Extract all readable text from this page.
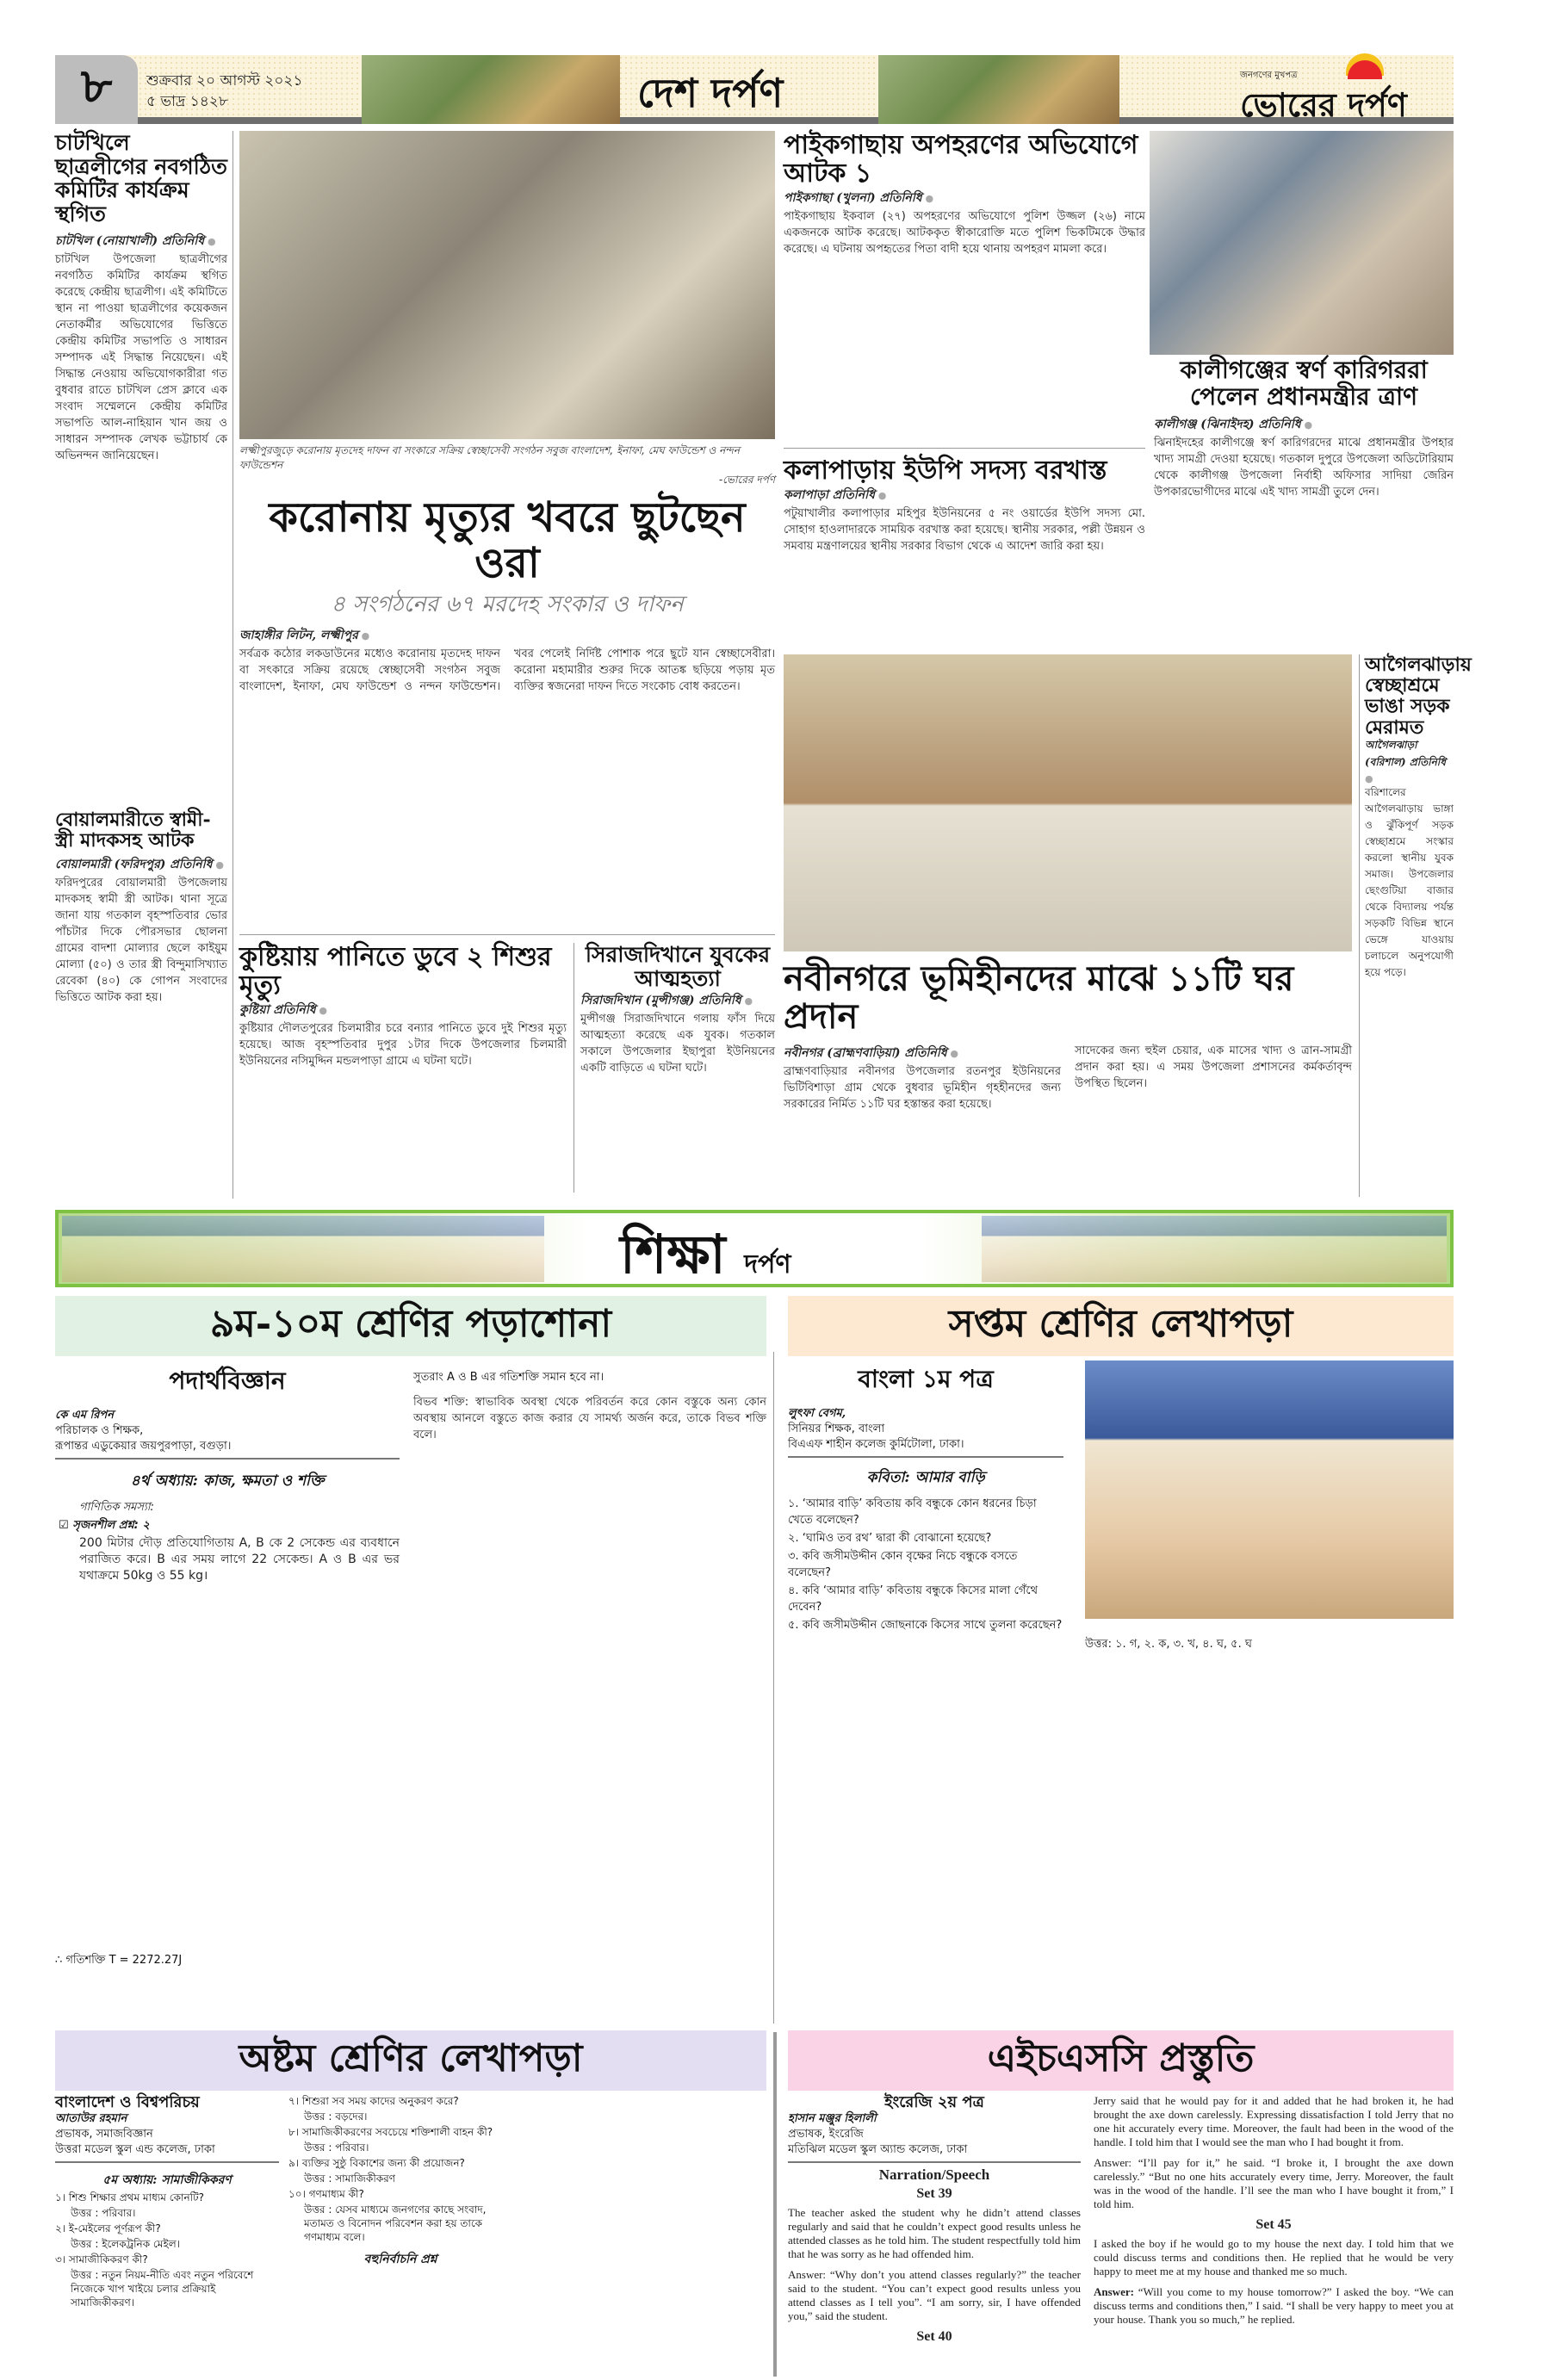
৮	শুক্রবার ২০ আগস্ট ২০২১
৫ ভাদ্র ১৪২৮	দেশ দর্পণ	জনগণের মুখপত্র
ভোরের দর্পণ
চাটখিলে ছাত্রলীগের নবগঠিত কমিটির কার্যক্রম স্থগিত
চাটখিল (নোয়াখালী) প্রতিনিধি ●
চাটখিল উপজেলা ছাত্রলীগের নবগঠিত কমিটির কার্যক্রম স্থগিত করেছে কেন্দ্রীয় ছাত্রলীগ। এই কমিটিতে স্থান না পাওয়া ছাত্রলীগের কয়েকজন নেতাকর্মীর অভিযোগের ভিত্তিতে কেন্দ্রীয় কমিটির সভাপতি ও সাধারন সম্পাদক এই সিদ্ধান্ত নিয়েছেন। এই সিদ্ধান্ত নেওয়ায় অভিযোগকারীরা গত বুধবার রাতে চাটখিল প্রেস ক্লাবে এক সংবাদ সম্মেলনে কেন্দ্রীয় কমিটির সভাপতি আল-নাহিয়ান খান জয় ও সাধারন সম্পাদক লেখক ভট্টাচার্য কে অভিনন্দন জানিয়েছেন।
বোয়ালমারীতে স্বামী-স্ত্রী মাদকসহ আটক
বোয়ালমারী (ফরিদপুর) প্রতিনিধি ●
ফরিদপুরের বোয়ালমারী উপজেলায় মাদকসহ স্বামী স্ত্রী আটক। থানা সূত্রে জানা যায় গতকাল বৃহস্পতিবার ভোর পাঁচটার দিকে পৌরসভার ছোলনা গ্রামের বাদশা মোল্যার ছেলে কাইয়ুম মোল্যা (৫০) ও তার স্ত্রী বিন্দুমাসিখ্যাত রেবেকা (৪০) কে গোপন সংবাদের ভিত্তিতে আটক করা হয়।
লক্ষ্মীপুরজুড়ে করোনায় মৃতদেহ দাফন বা সংকারে সক্রিয় স্বেচ্ছাসেবী সংগঠন সবুজ বাংলাদেশ, ইনাফা, মেঘ ফাউন্ডেশ ও নন্দন ফাউন্ডেশন
-ভোরের দর্পণ
করোনায় মৃত্যুর খবরে ছুটছেন ওরা
৪ সংগঠনের ৬৭ মরদেহ সংকার ও দাফন
জাহাঙ্গীর লিটন, লক্ষ্মীপুর ●
সর্বত্রক কঠোর লকডাউনের মধ্যেও করোনায় মৃতদেহ দাফন বা সৎকারে সক্রিয় রয়েছে স্বেচ্ছাসেবী সংগঠন সবুজ বাংলাদেশ, ইনাফা, মেঘ ফাউন্ডেশ ও নন্দন ফাউন্ডেশন। খবর পেলেই নির্দিষ্ট পোশাক পরে ছুটে যান স্বেচ্ছাসেবীরা। করোনা মহামারীর শুরুর দিকে আতঙ্ক ছড়িয়ে পড়ায় মৃত ব্যক্তির স্বজনেরা দাফন দিতে সংকোচ বোধ করতেন।
কুষ্টিয়ায় পানিতে ডুবে ২ শিশুর মৃত্যু
কুষ্টিয়া প্রতিনিধি ●
কুষ্টিয়ার দৌলতপুরের চিলমারীর চরে বন্যার পানিতে ডুবে দুই শিশুর মৃত্যু হয়েছে। আজ বৃহস্পতিবার দুপুর ১টার দিকে উপজেলার চিলমারী ইউনিয়নের নসিমুদ্দিন মন্ডলপাড়া গ্রামে এ ঘটনা ঘটে।
সিরাজদিখানে যুবকের আত্মহত্যা
সিরাজদিখান (মুন্সীগঞ্জ) প্রতিনিধি ●
মুন্সীগঞ্জ সিরাজদিখানে গলায় ফাঁস দিয়ে আত্মহত্যা করেছে এক যুবক। গতকাল সকালে উপজেলার ইছাপুরা ইউনিয়নের একটি বাড়িতে এ ঘটনা ঘটে।
পাইকগাছায় অপহরণের অভিযোগে আটক ১
পাইকগাছা (খুলনা) প্রতিনিধি ●
পাইকগাছায় ইকবাল (২৭) অপহরণের অভিযোগে পুলিশ উজ্জল (২৬) নামে একজনকে আটক করেছে। আটককৃত স্বীকারোক্তি মতে পুলিশ ভিকটিমকে উদ্ধার করেছে। এ ঘটনায় অপহৃতের পিতা বাদী হয়ে থানায় অপহরণ মামলা করে।
কলাপাড়ায় ইউপি সদস্য বরখাস্ত
কলাপাড়া প্রতিনিধি ●
পটুয়াখালীর কলাপাড়ার মহিপুর ইউনিয়নের ৫ নং ওয়ার্ডের ইউপি সদস্য মো. সোহাগ হাওলাদারকে সাময়িক বরখাস্ত করা হয়েছে। স্থানীয় সরকার, পল্লী উন্নয়ন ও সমবায় মন্ত্রণালয়ের স্থানীয় সরকার বিভাগ থেকে এ আদেশ জারি করা হয়।
কালীগঞ্জের স্বর্ণ কারিগররা পেলেন প্রধানমন্ত্রীর ত্রাণ
কালীগঞ্জ (ঝিনাইদহ) প্রতিনিধি ●
ঝিনাইদহের কালীগঞ্জে স্বর্ণ কারিগরদের মাঝে প্রধানমন্ত্রীর উপহার খাদ্য সামগ্রী দেওয়া হয়েছে। গতকাল দুপুরে উপজেলা অডিটোরিয়াম থেকে কালীগঞ্জ উপজেলা নির্বাহী অফিসার সাদিয়া জেরিন উপকারভোগীদের মাঝে এই খাদ্য সামগ্রী তুলে দেন।
আগৈলঝাড়ায় স্বেচ্ছাশ্রমে ভাঙা সড়ক মেরামত
আগৈলঝাড়া (বরিশাল) প্রতিনিধি ●
বরিশালের আগৈলঝাড়ায় ভাঙ্গা ও ঝুঁকিপূর্ণ সড়ক স্বেচ্ছাশ্রমে সংস্কার করলো স্থানীয় যুবক সমাজ। উপজেলার ছেংগুটিয়া বাজার থেকে বিদ্যালয় পর্যন্ত সড়কটি বিভিন্ন স্থানে ভেঙ্গে যাওয়ায় চলাচলে অনুপযোগী হয়ে পড়ে।
নবীনগরে ভূমিহীনদের মাঝে ১১টি ঘর প্রদান
নবীনগর (ব্রাহ্মণবাড়িয়া) প্রতিনিধি ●
ব্রাহ্মণবাড়িয়ার নবীনগর উপজেলার রতনপুর ইউনিয়নের ভিটিবিশাড়া গ্রাম থেকে বুধবার ভূমিহীন গৃহহীনদের জন্য সরকারের নির্মিত ১১টি ঘর হস্তান্তর করা হয়েছে।
সাদেকের জন্য হুইল চেয়ার, এক মাসের খাদ্য ও ত্রান-সামগ্রী প্রদান করা হয়। এ সময় উপজেলা প্রশাসনের কর্মকর্তাবৃন্দ উপস্থিত ছিলেন।
শিক্ষা দর্পণ
৯ম-১০ম শ্রেণির পড়াশোনা
পদার্থবিজ্ঞান
কে এম রিপন
পরিচালক ও শিক্ষক,
রূপান্তর এডুকেয়ার জয়পুরপাড়া, বগুড়া।
৪র্থ অধ্যায়: কাজ, ক্ষমতা ও শক্তি
গাণিতিক সমস্যা:
☑ সৃজনশীল প্রশ্ন: ২
200 মিটার দৌড় প্রতিযোগিতায় A, B কে 2 সেকেন্ড এর ব্যবধানে পরাজিত করে। B এর সময় লাগে 22 সেকেন্ড। A ও B এর ভর যথাক্রমে 50kg ও 55 kg।
∴ গতিশক্তি T = 2272.27J
সুতরাং A ও B এর গতিশক্তি সমান হবে না।
বিভব শক্তি: স্বাভাবিক অবস্থা থেকে পরিবর্তন করে কোন বস্তুকে অন্য কোন অবস্থায় আনলে বস্তুতে কাজ করার যে সামর্থ্য অর্জন করে, তাকে বিভব শক্তি বলে।
সপ্তম শ্রেণির লেখাপড়া
বাংলা ১ম পত্র
লুৎফা বেগম,
সিনিয়র শিক্ষক, বাংলা
বিএএফ শাহীন কলেজ কুর্মিটোলা, ঢাকা।
কবিতা: আমার বাড়ি
১. ‘আমার বাড়ি’ কবিতায় কবি বন্ধুকে কোন ধরনের চিড়া খেতে বলেছেন?
২. ‘ঘামিও তব রথ’ দ্বারা কী বোঝানো হয়েছে?
৩. কবি জসীমউদ্দীন কোন বৃক্ষের নিচে বন্ধুকে বসতে বলেছেন?
৪. কবি ‘আমার বাড়ি’ কবিতায় বন্ধুকে কিসের মালা গেঁথে দেবেন?
৫. কবি জসীমউদ্দীন জোছনাকে কিসের সাথে তুলনা করেছেন?
উত্তর: ১. গ, ২. ক, ৩. খ, ৪. ঘ, ৫. ঘ
অষ্টম শ্রেণির লেখাপড়া
বাংলাদেশ ও বিশ্বপরিচয়
আতাউর রহমান
প্রভাষক, সমাজবিজ্ঞান
উত্তরা মডেল স্কুল এন্ড কলেজ, ঢাকা
৫ম অধ্যায়: সামাজীকিকরণ
১। শিশু শিক্ষার প্রথম মাধ্যম কোনটি?
উত্তর : পরিবার।
২। ই-মেইলের পূর্ণরূপ কী?
উত্তর : ইলেকট্রনিক মেইল।
৩। সামাজীকিকরণ কী?
উত্তর : নতুন নিয়ম-নীতি এবং নতুন পরিবেশে নিজেকে খাপ খাইয়ে চলার প্রক্রিয়াই সামাজিকীকরণ।
৭। শিশুরা সব সময় কাদের অনুকরণ করে?
উত্তর : বড়দের।
৮। সামাজিকীকরণের সবচেয়ে শক্তিশালী বাহন কী?
উত্তর : পরিবার।
৯। ব্যক্তির সুষ্ঠু বিকাশের জন্য কী প্রয়োজন?
উত্তর : সামাজিকীকরণ
১০। গণমাধ্যম কী?
উত্তর : যেসব মাধ্যমে জনগণের কাছে সংবাদ, মতামত ও বিনোদন পরিবেশন করা হয় তাকে গণমাধ্যম বলে।
বহুনির্বাচনি প্রশ্ন
এইচএসসি প্রস্তুতি
ইংরেজি ২য় পত্র
হাসান মঞ্জুর হিলালী
প্রভাষক, ইংরেজি
মতিঝিল মডেল স্কুল অ্যান্ড কলেজ, ঢাকা
Narration/Speech
Set 39

The teacher asked the student why he didn’t attend classes regularly and said that he couldn’t expect good results unless he attended classes as he told him. The student respectfully told him that he was sorry as he had offended him.

Answer: “Why don’t you attend classes regularly?” the teacher said to the student. “You can’t expect good results unless you attend classes as I tell you”. “I am sorry, sir, I have offended you,” said the student.

Set 40

Jerry said that he would pay for it and added that he had broken it, he had brought the axe down carelessly. Expressing dissatisfaction I told Jerry that no one hit accurately every time. Moreover, the fault had been in the wood of the handle. I told him that I would see the man who I had bought it from.

Answer: “I’ll pay for it,” he said. “I broke it, I brought the axe down carelessly.” “But no one hits accurately every time, Jerry. Moreover, the fault was in the wood of the handle. I’ll see the man who I have bought it from,” I told him.

Set 45

I asked the boy if he would go to my house the next day. I told him that we could discuss terms and conditions then. He replied that he would be very happy to meet me at my house and thanked me so much.

Answer: “Will you come to my house tomorrow?” I asked the boy. “We can discuss terms and conditions then,” I said. “I shall be very happy to meet you at your house. Thank you so much,” he replied.
